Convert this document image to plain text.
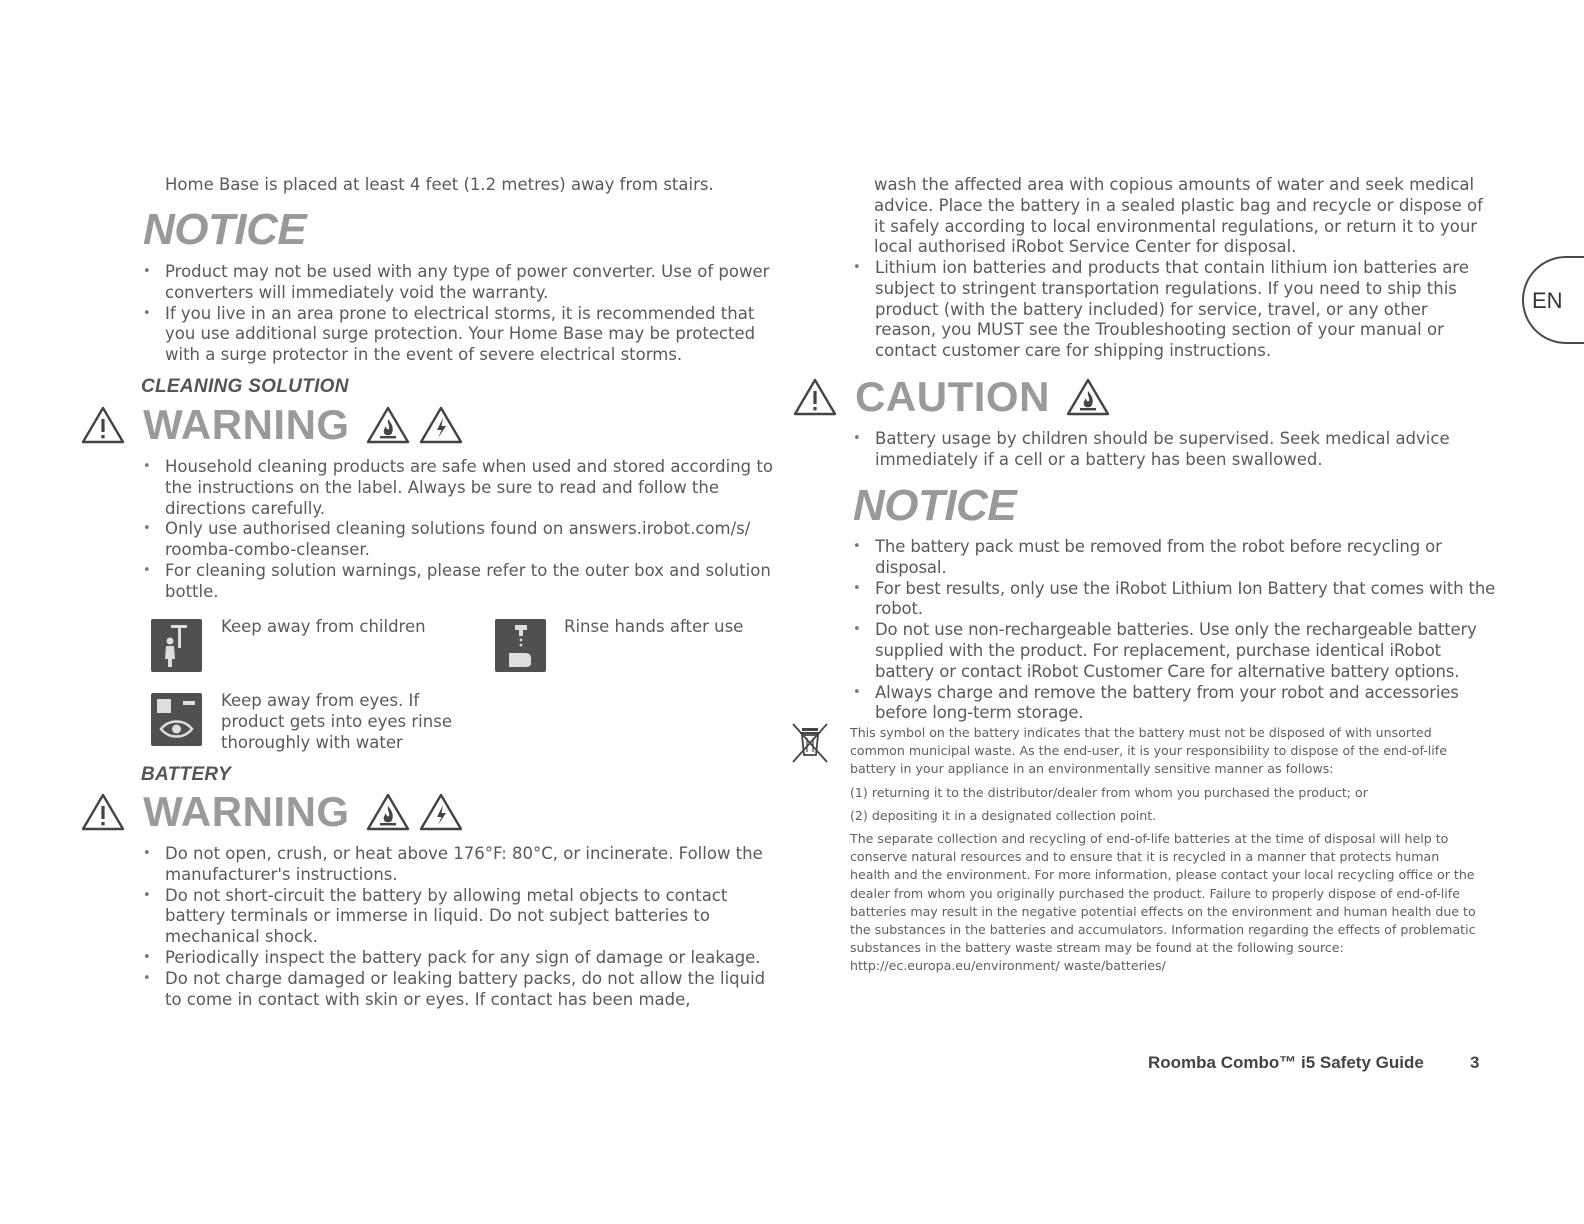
Home Base is placed at least 4 feet (1.2 metres) away from stairs.

NOTICE
• Product may not be used with any type of power converter. Use of power converters will immediately void the warranty.
• If you live in an area prone to electrical storms, it is recommended that you use additional surge protection. Your Home Base may be protected with a surge protector in the event of severe electrical storms.
CLEANING SOLUTION
WARNING
• Household cleaning products are safe when used and stored according to the instructions on the label. Always be sure to read and follow the directions carefully.
• Only use authorised cleaning solutions found on answers.irobot.com/s/ roomba-combo-cleanser.
• For cleaning solution warnings, please refer to the outer box and solution bottle.
Keep away from children	Rinse hands after use
Keep away from eyes. If product gets into eyes rinse thoroughly with water
BATTERY
WARNING
• Do not open, crush, or heat above 176°F: 80°C, or incinerate. Follow the manufacturer's instructions.
• Do not short-circuit the battery by allowing metal objects to contact battery terminals or immerse in liquid. Do not subject batteries to mechanical shock.
• Periodically inspect the battery pack for any sign of damage or leakage.
• Do not charge damaged or leaking battery packs, do not allow the liquid to come in contact with skin or eyes. If contact has been made,

wash the affected area with copious amounts of water and seek medical advice. Place the battery in a sealed plastic bag and recycle or dispose of it safely according to local environmental regulations, or return it to your local authorised iRobot Service Center for disposal.

• Lithium ion batteries and products that contain lithium ion batteries are subject to stringent transportation regulations. If you need to ship this product (with the battery included) for service, travel, or any other reason, you MUST see the Troubleshooting section of your manual or contact customer care for shipping instructions.
CAUTION
• Battery usage by children should be supervised. Seek medical advice immediately if a cell or a battery has been swallowed.
NOTICE
• The battery pack must be removed from the robot before recycling or disposal.
• For best results, only use the iRobot Lithium Ion Battery that comes with the robot.
• Do not use non-rechargeable batteries. Use only the rechargeable battery supplied with the product. For replacement, purchase identical iRobot battery or contact iRobot Customer Care for alternative battery options.
• Always charge and remove the battery from your robot and accessories before long-term storage.

This symbol on the battery indicates that the battery must not be disposed of with unsorted common municipal waste. As the end-user, it is your responsibility to dispose of the end-of-life battery in your appliance in an environmentally sensitive manner as follows:

(1) returning it to the distributor/dealer from whom you purchased the product; or

(2) depositing it in a designated collection point.

The separate collection and recycling of end-of-life batteries at the time of disposal will help to conserve natural resources and to ensure that it is recycled in a manner that protects human health and the environment. For more information, please contact your local recycling office or the dealer from whom you originally purchased the product. Failure to properly dispose of end-of-life batteries may result in the negative potential effects on the environment and human health due to the substances in the batteries and accumulators. Information regarding the effects of problematic substances in the battery waste stream may be found at the following source: http://ec.europa.eu/environment/ waste/batteries/

EN
Roomba Combo™ i5 Safety Guide	3
